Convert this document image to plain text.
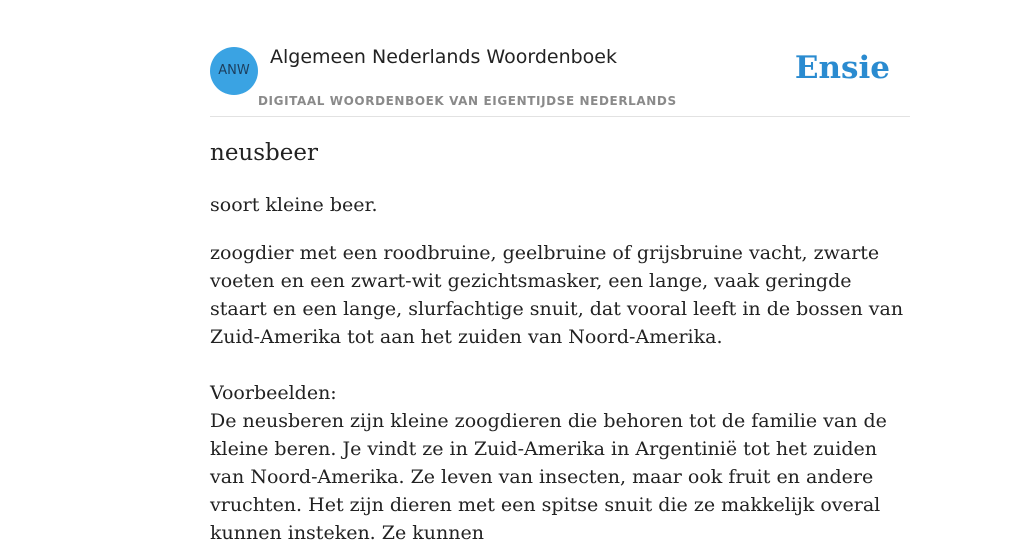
ANW
Algemeen Nederlands Woordenboek
DIGITAAL WOORDENBOEK VAN EIGENTIJDSE NEDERLANDS
Ensie
neusbeer
soort kleine beer.

zoogdier met een roodbruine, geelbruine of grijsbruine vacht, zwarte voeten en een zwart-wit gezichtsmasker, een lange, vaak geringde staart en een lange, slurfachtige snuit, dat vooral leeft in de bossen van Zuid-Amerika tot aan het zuiden van Noord-Amerika.

Voorbeelden:

De neusberen zijn kleine zoogdieren die behoren tot de familie van de kleine beren. Je vindt ze in Zuid-Amerika in Argentinië tot het zuiden van Noord-Amerika. Ze leven van insecten, maar ook fruit en andere vruchten. Het zijn dieren met een spitse snuit die ze makkelijk overal kunnen insteken. Ze kunnen
